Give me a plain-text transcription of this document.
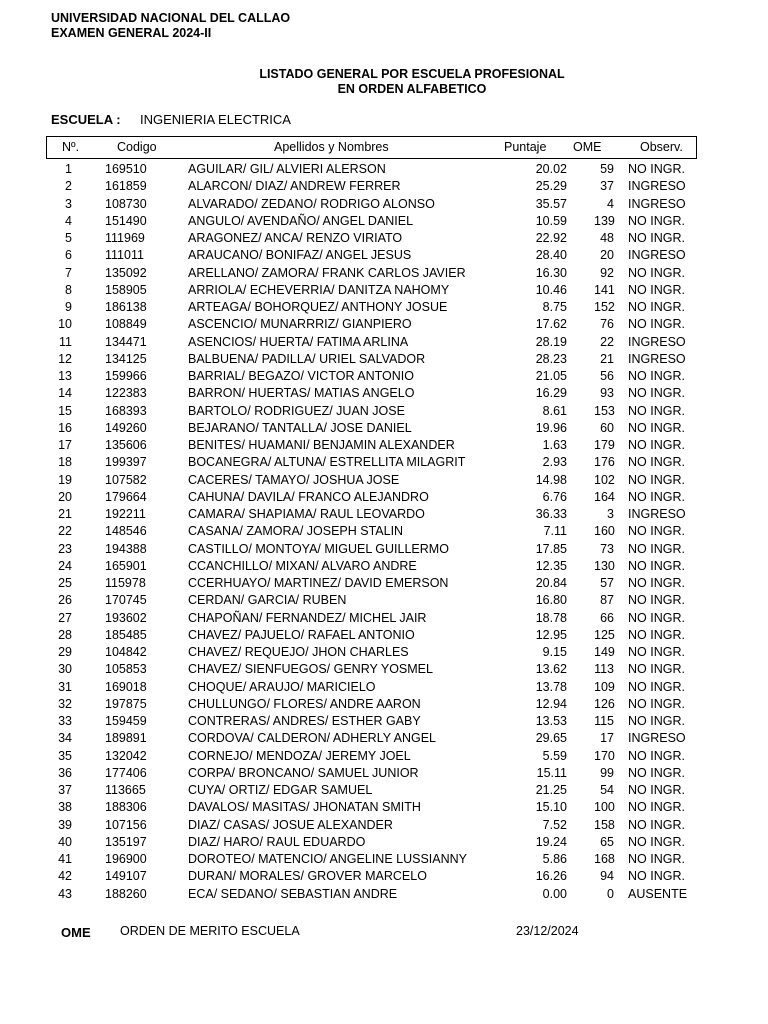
UNIVERSIDAD NACIONAL DEL CALLAO
EXAMEN GENERAL 2024-II
LISTADO GENERAL POR ESCUELA PROFESIONAL
EN ORDEN ALFABETICO
ESCUELA : INGENIERIA ELECTRICA
Nº.	Codigo	Apellidos y Nombres	Puntaje OME	Observ.
1	169510	AGUILAR/ GIL/ ALVIERI ALERSON	20.02	59 NO INGR.
2	161859	ALARCON/ DIAZ/ ANDREW FERRER	25.29	37 INGRESO
3	108730	ALVARADO/ ZEDANO/ RODRIGO ALONSO	35.57	4 INGRESO
4	151490	ANGULO/ AVENDAÑO/ ANGEL DANIEL	10.59 139 NO INGR.
5	111969	ARAGONEZ/ ANCA/ RENZO VIRIATO	22.92	48 NO INGR.
6	111011	ARAUCANO/ BONIFAZ/ ANGEL JESUS	28.40	20 INGRESO
7	135092	ARELLANO/ ZAMORA/ FRANK CARLOS JAVIER	16.30	92 NO INGR.
8	158905	ARRIOLA/ ECHEVERRIA/ DANITZA NAHOMY	10.46 141 NO INGR.
9	186138	ARTEAGA/ BOHORQUEZ/ ANTHONY JOSUE	8.75 152 NO INGR.
10	108849	ASCENCIO/ MUNARRRIZ/ GIANPIERO	17.62	76 NO INGR.
11	134471	ASENCIOS/ HUERTA/ FATIMA ARLINA	28.19	22 INGRESO
12	134125	BALBUENA/ PADILLA/ URIEL SALVADOR	28.23	21 INGRESO
13	159966	BARRIAL/ BEGAZO/ VICTOR ANTONIO	21.05	56 NO INGR.
14	122383	BARRON/ HUERTAS/ MATIAS ANGELO	16.29	93 NO INGR.
15	168393	BARTOLO/ RODRIGUEZ/ JUAN JOSE	8.61 153 NO INGR.
16	149260	BEJARANO/ TANTALLA/ JOSE DANIEL	19.96	60 NO INGR.
17	135606	BENITES/ HUAMANI/ BENJAMIN ALEXANDER	1.63 179 NO INGR.
18	199397	BOCANEGRA/ ALTUNA/ ESTRELLITA MILAGRIT	2.93 176 NO INGR.
19	107582	CACERES/ TAMAYO/ JOSHUA JOSE	14.98 102 NO INGR.
20	179664	CAHUNA/ DAVILA/ FRANCO ALEJANDRO	6.76 164 NO INGR.
21	192211	CAMARA/ SHAPIAMA/ RAUL LEOVARDO	36.33	3 INGRESO
22	148546	CASANA/ ZAMORA/ JOSEPH STALIN	7.11 160 NO INGR.
23	194388	CASTILLO/ MONTOYA/ MIGUEL GUILLERMO	17.85	73 NO INGR.
24	165901	CCANCHILLO/ MIXAN/ ALVARO ANDRE	12.35 130 NO INGR.
25	115978	CCERHUAYO/ MARTINEZ/ DAVID EMERSON	20.84	57 NO INGR.
26	170745	CERDAN/ GARCIA/ RUBEN	16.80	87 NO INGR.
27	193602	CHAPOÑAN/ FERNANDEZ/ MICHEL JAIR	18.78	66 NO INGR.
28	185485	CHAVEZ/ PAJUELO/ RAFAEL ANTONIO	12.95 125 NO INGR.
29	104842	CHAVEZ/ REQUEJO/ JHON CHARLES	9.15 149 NO INGR.
30	105853	CHAVEZ/ SIENFUEGOS/ GENRY YOSMEL	13.62 113 NO INGR.
31	169018	CHOQUE/ ARAUJO/ MARICIELO	13.78 109 NO INGR.
32	197875	CHULLUNGO/ FLORES/ ANDRE AARON	12.94 126 NO INGR.
33	159459	CONTRERAS/ ANDRES/ ESTHER GABY	13.53 115 NO INGR.
34	189891	CORDOVA/ CALDERON/ ADHERLY ANGEL	29.65	17 INGRESO
35	132042	CORNEJO/ MENDOZA/ JEREMY JOEL	5.59 170 NO INGR.
36	177406	CORPA/ BRONCANO/ SAMUEL JUNIOR	15.11	99 NO INGR.
37	113665	CUYA/ ORTIZ/ EDGAR SAMUEL	21.25	54 NO INGR.
38	188306	DAVALOS/ MASITAS/ JHONATAN SMITH	15.10 100 NO INGR.
39	107156	DIAZ/ CASAS/ JOSUE ALEXANDER	7.52 158 NO INGR.
40	135197	DIAZ/ HARO/ RAUL EDUARDO	19.24	65 NO INGR.
41	196900	DOROTEO/ MATENCIO/ ANGELINE LUSSIANNY	5.86 168 NO INGR.
42	149107	DURAN/ MORALES/ GROVER MARCELO	16.26	94 NO INGR.
43	188260	ECA/ SEDANO/ SEBASTIAN ANDRE	0.00	0 AUSENTE
OME ORDEN DE MERITO ESCUELA	23/12/2024
